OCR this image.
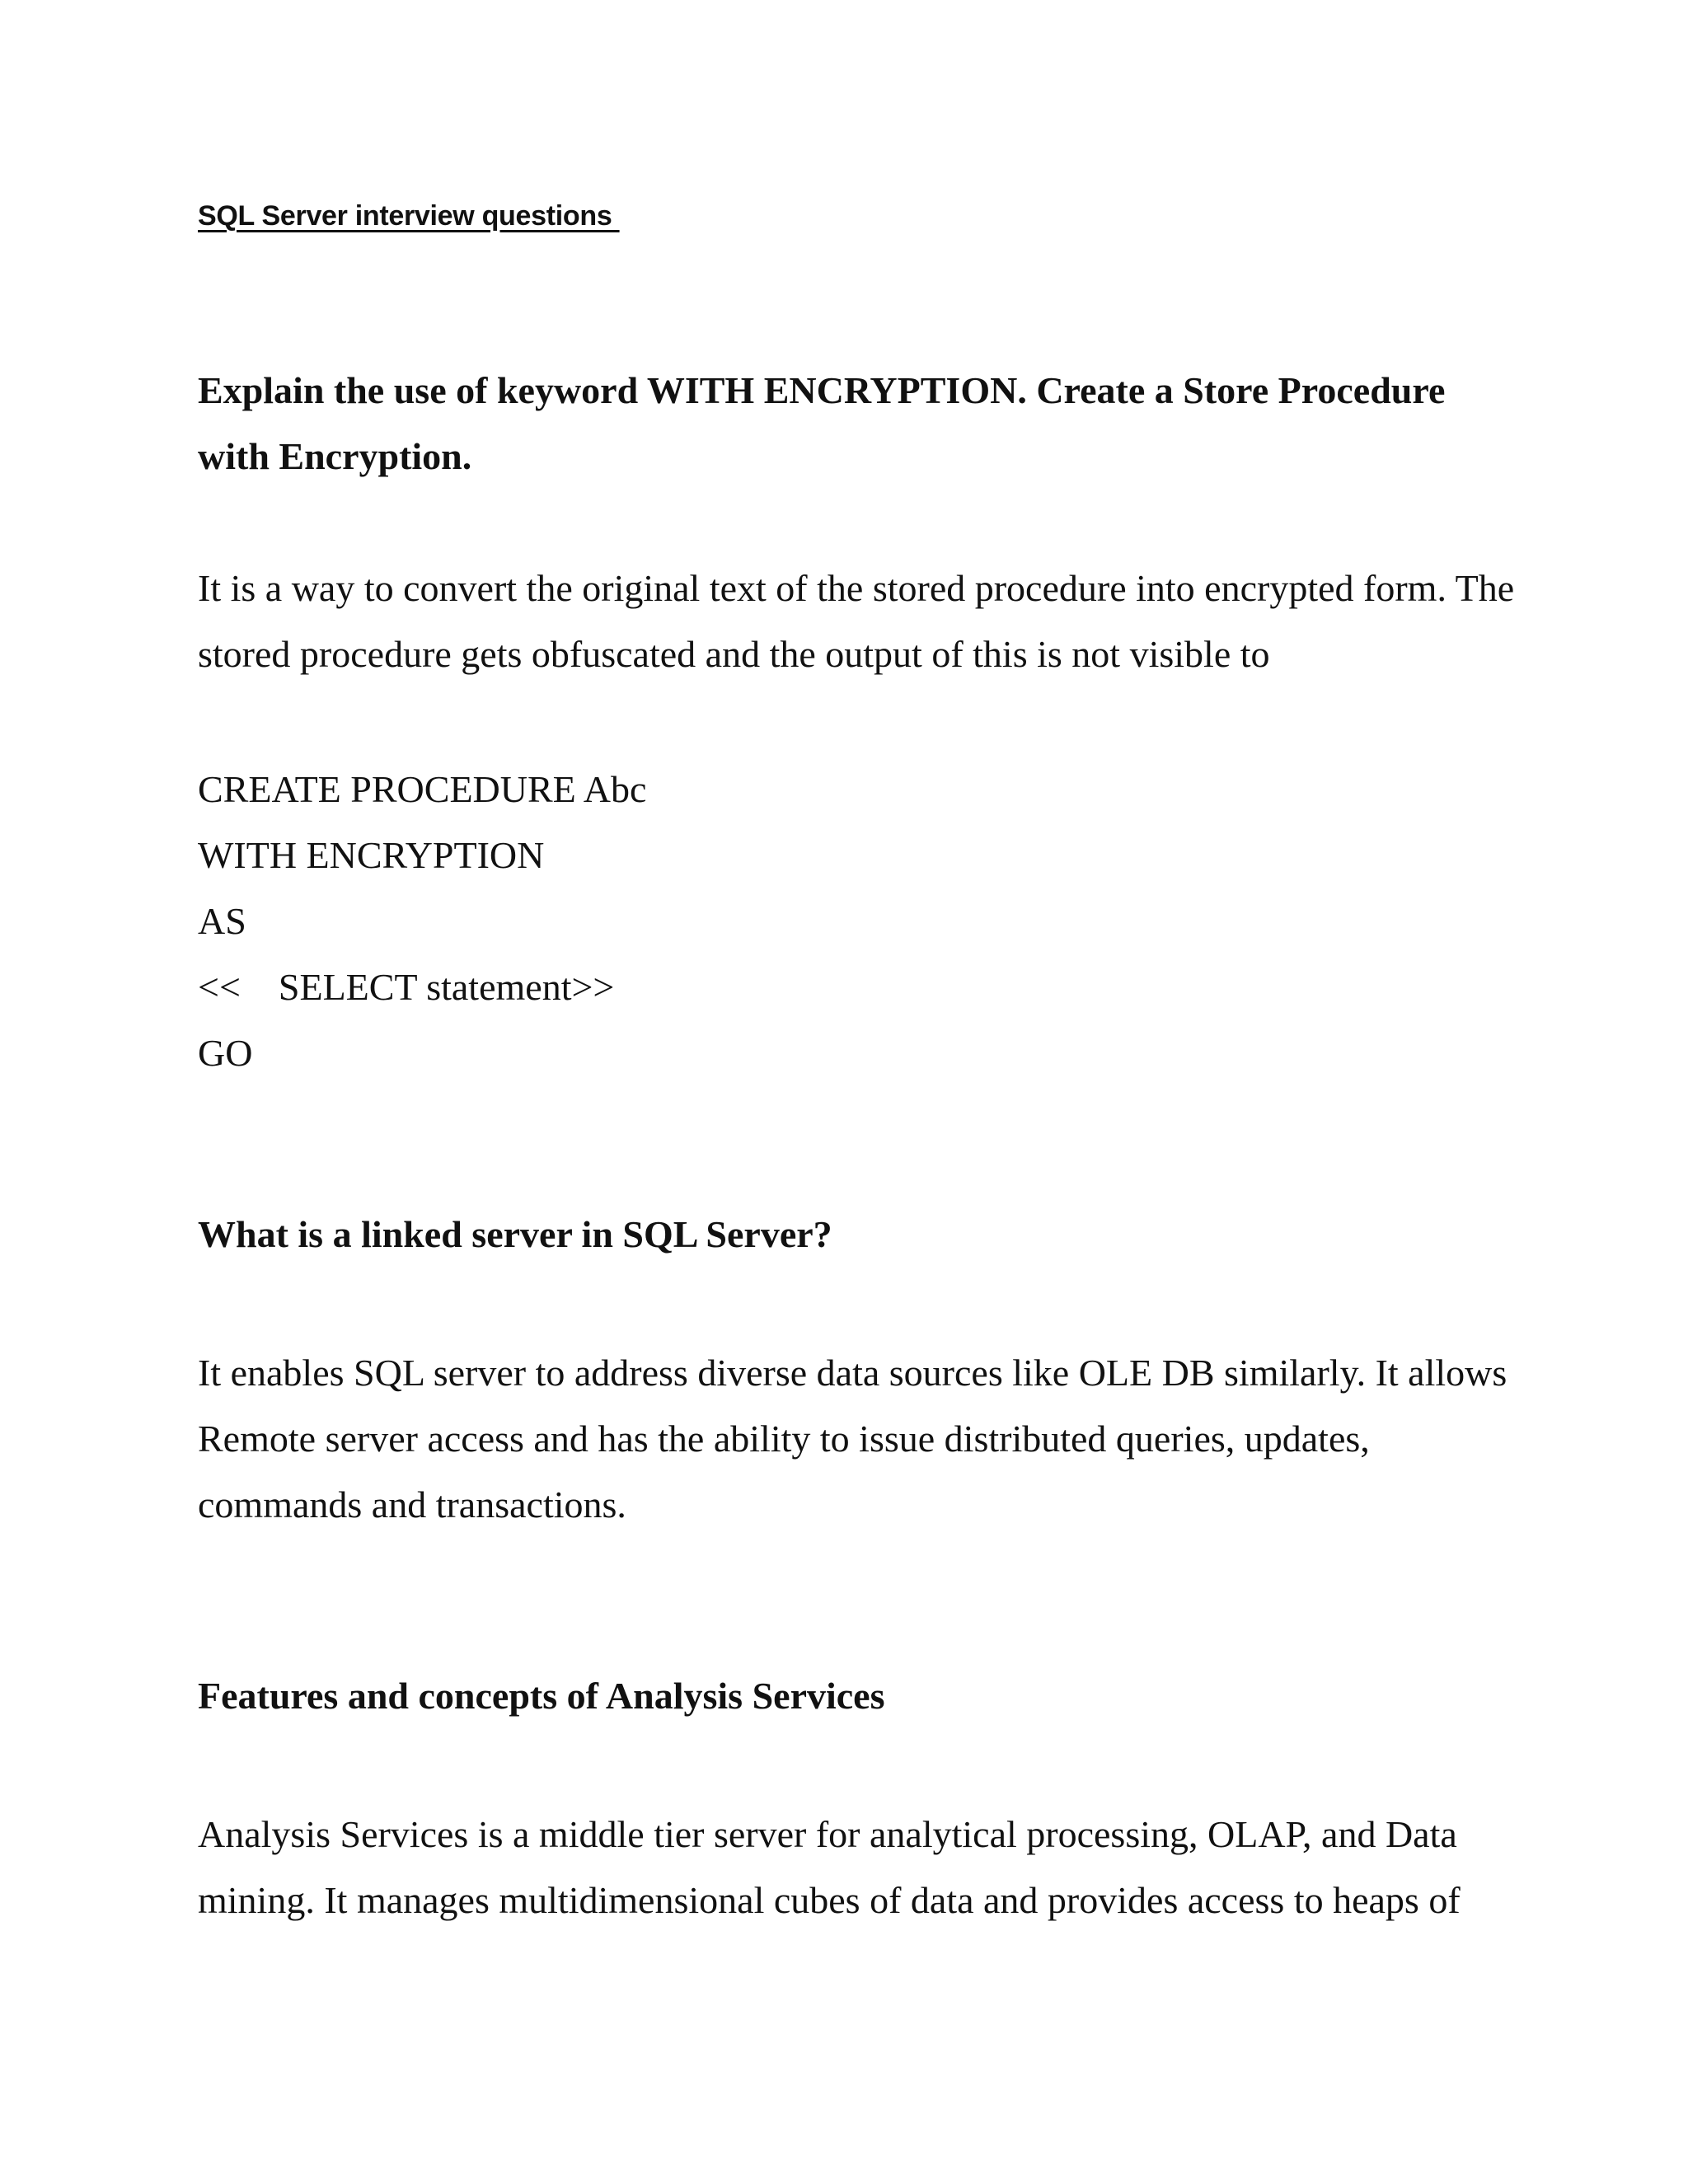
SQL Server interview questions

Explain the use of keyword WITH ENCRYPTION. Create a Store Procedure with Encryption.

It is a way to convert the original text of the stored procedure into encrypted form. The stored procedure gets obfuscated and the output of this is not visible to

CREATE PROCEDURE Abc
WITH ENCRYPTION
AS
<<    SELECT statement>>
GO

What is a linked server in SQL Server?

It enables SQL server to address diverse data sources like OLE DB similarly. It allows Remote server access and has the ability to issue distributed queries, updates, commands and transactions.

Features and concepts of Analysis Services

Analysis Services is a middle tier server for analytical processing, OLAP, and Data mining. It manages multidimensional cubes of data and provides access to heaps of
